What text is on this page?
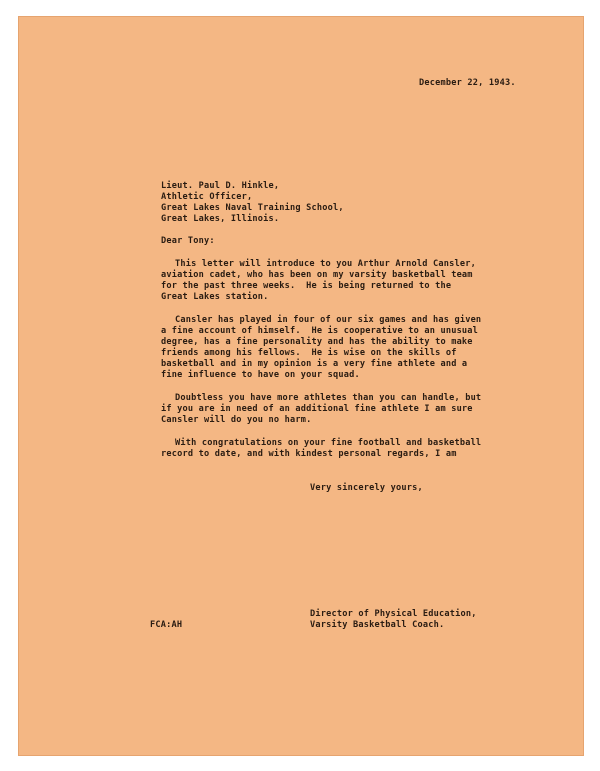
December 22, 1943.
Lieut. Paul D. Hinkle,
Athletic Officer,
Great Lakes Naval Training School,
Great Lakes, Illinois.
Dear Tony:
This letter will introduce to you Arthur Arnold Cansler,
aviation cadet, who has been on my varsity basketball team
for the past three weeks.  He is being returned to the
Great Lakes station.
Cansler has played in four of our six games and has given
a fine account of himself.  He is cooperative to an unusual
degree, has a fine personality and has the ability to make
friends among his fellows.  He is wise on the skills of
basketball and in my opinion is a very fine athlete and a
fine influence to have on your squad.
Doubtless you have more athletes than you can handle, but
if you are in need of an additional fine athlete I am sure
Cansler will do you no harm.
With congratulations on your fine football and basketball
record to date, and with kindest personal regards, I am
Very sincerely yours,
Director of Physical Education,
Varsity Basketball Coach.
FCA:AH
